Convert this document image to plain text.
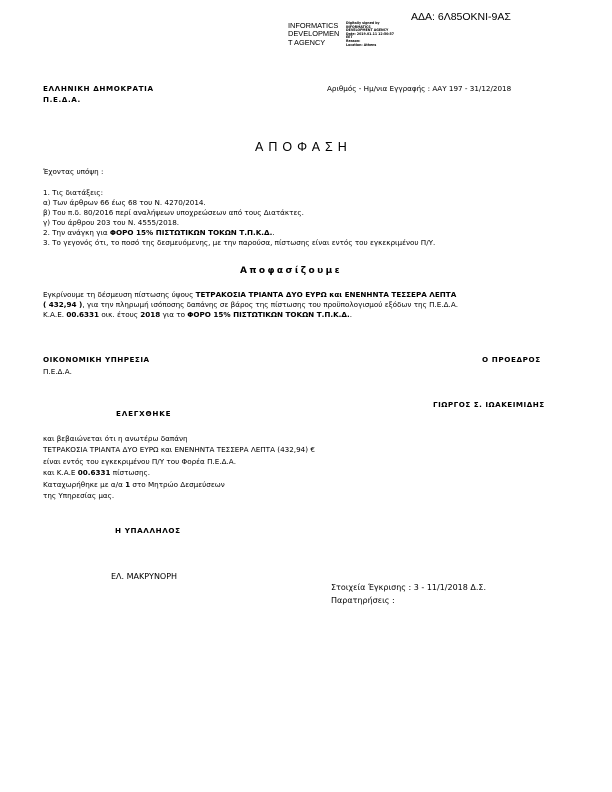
ΑΔΑ: 6Λ85ΟΚΝΙ-9ΑΣ
INFORMATICS
DEVELOPMEN
T AGENCY
Digitally signed by
INFORMATICS
DEVELOPMENT AGENCY
Date: 2019.01.11 12:50:57
EET
Reason:
Location: Athens
ΕΛΛΗΝΙΚΗ ΔΗΜΟΚΡΑΤΙΑ
Π.Ε.Δ.Α.
Αριθμός - Ημ/νια Εγγραφής : ΑΑΥ 197 - 31/12/2018
ΑΠΟΦΑΣΗ
Έχοντας υπόψη :
1. Τις διατάξεις:
α) Των άρθρων 66 έως 68 του Ν. 4270/2014.
β) Του π.δ. 80/2016 περί αναλήψεων υποχρεώσεων από τους Διατάκτες.
γ) Του άρθρου 203 του Ν. 4555/2018.
2. Την ανάγκη για ΦΟΡΟ 15% ΠΙΣΤΩΤΙΚΩΝ ΤΟΚΩΝ Τ.Π.Κ.Δ..
3. Το γεγονός ότι, το ποσό της δεσμευόμενης, με την παρούσα, πίστωσης είναι εντός του εγκεκριμένου Π/Υ.
Αποφασίζουμε
Εγκρίνουμε τη δέσμευση πίστωσης ύψους ΤΕΤΡΑΚΟΣΙΑ ΤΡΙΑΝΤΑ ΔΥΟ ΕΥΡΩ και ΕΝΕΝΗΝΤΑ ΤΕΣΣΕΡΑ ΛΕΠΤΑ
( 432,94 ), για την πληρωμή ισόποσης δαπάνης σε βάρος της πίστωσης του προϋπολογισμού εξόδων της Π.Ε.Δ.Α.
Κ.Α.Ε. 00.6331 οικ. έτους 2018 για το ΦΟΡΟ 15% ΠΙΣΤΩΤΙΚΩΝ ΤΟΚΩΝ Τ.Π.Κ.Δ..
ΟΙΚΟΝΟΜΙΚΗ ΥΠΗΡΕΣΙΑ
Π.Ε.Δ.Α.
Ο ΠΡΟΕΔΡΟΣ
ΓΙΩΡΓΟΣ Σ. ΙΩΑΚΕΙΜΙΔΗΣ
ΕΛΕΓΧΘΗΚΕ
και βεβαιώνεται ότι η ανωτέρω δαπάνη
ΤΕΤΡΑΚΟΣΙΑ ΤΡΙΑΝΤΑ ΔΥΟ ΕΥΡΩ και ΕΝΕΝΗΝΤΑ ΤΕΣΣΕΡΑ ΛΕΠΤΑ (432,94) €
είναι εντός του εγκεκριμένου Π/Υ του Φορέα Π.Ε.Δ.Α.
και Κ.Α.Ε 00.6331 πίστωσης.
Καταχωρήθηκε με α/α 1 στο Μητρώο Δεσμεύσεων
της Υπηρεσίας μας.
Η ΥΠΑΛΛΗΛΟΣ
ΕΛ. ΜΑΚΡΥΝΟΡΗ
Στοιχεία Έγκρισης : 3 - 11/1/2018 Δ.Σ.
Παρατηρήσεις :
